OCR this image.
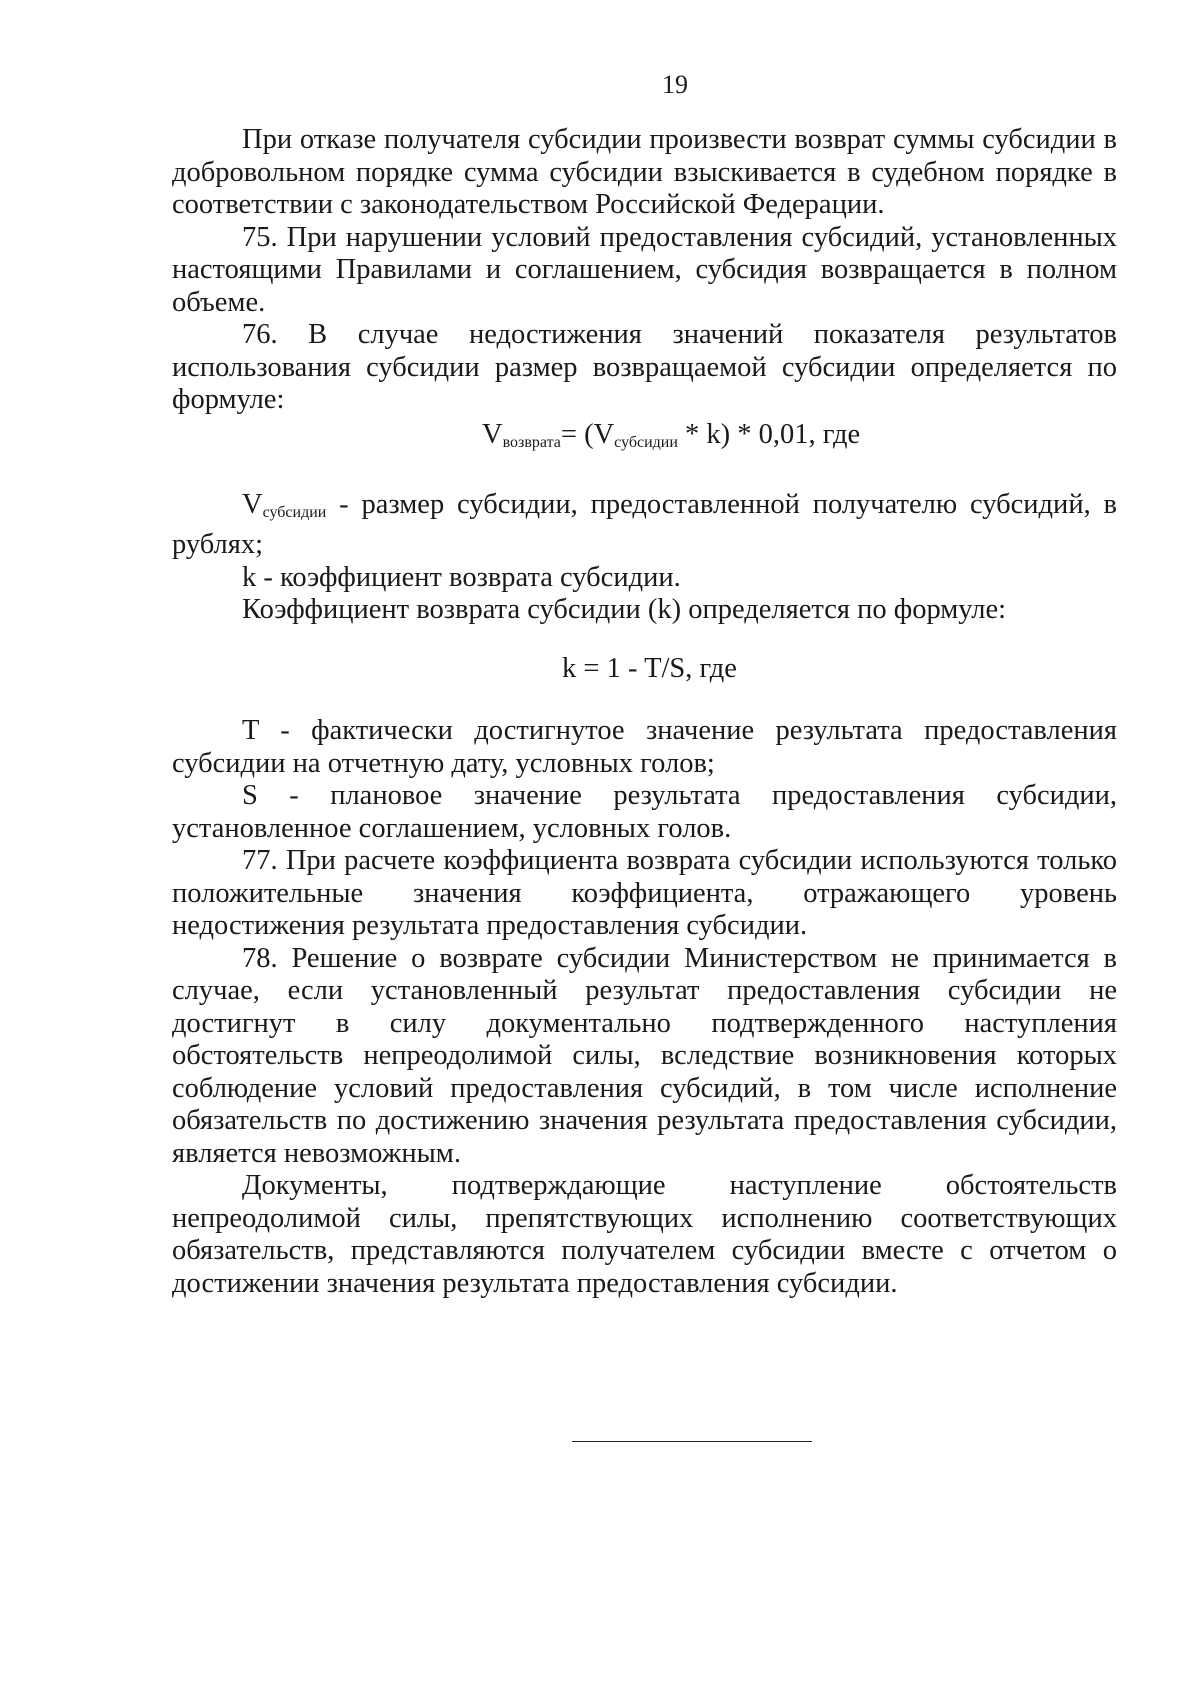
19

При отказе получателя субсидии произвести возврат суммы субсидии в добровольном порядке сумма субсидии взыскивается в судебном порядке в соответствии с законодательством Российской Федерации.

75. При нарушении условий предоставления субсидий, установленных настоящими Правилами и соглашением, субсидия возвращается в полном объеме.

76. В случае недостижения значений показателя результатов использования субсидии размер возвращаемой субсидии определяется по формуле:

$V_{возврата}= (V_{субсидии} * k) * 0,01$, где

$V_{субсидии}$ - размер субсидии, предоставленной получателю субсидий, в рублях;

k - коэффициент возврата субсидии.

Коэффициент возврата субсидии (k) определяется по формуле:

k = 1 - T/S, где

T - фактически достигнутое значение результата предоставления субсидии на отчетную дату, условных голов;

S - плановое значение результата предоставления субсидии, установленное соглашением, условных голов.

77. При расчете коэффициента возврата субсидии используются только положительные значения коэффициента, отражающего уровень недостижения результата предоставления субсидии.

78. Решение о возврате субсидии Министерством не принимается в случае, если установленный результат предоставления субсидии не достигнут в силу документально подтвержденного наступления обстоятельств непреодолимой силы, вследствие возникновения которых соблюдение условий предоставления субсидий, в том числе исполнение обязательств по достижению значения результата предоставления субсидии, является невозможным.

Документы, подтверждающие наступление обстоятельств непреодолимой силы, препятствующих исполнению соответствующих обязательств, представляются получателем субсидии вместе с отчетом о достижении значения результата предоставления субсидии.
